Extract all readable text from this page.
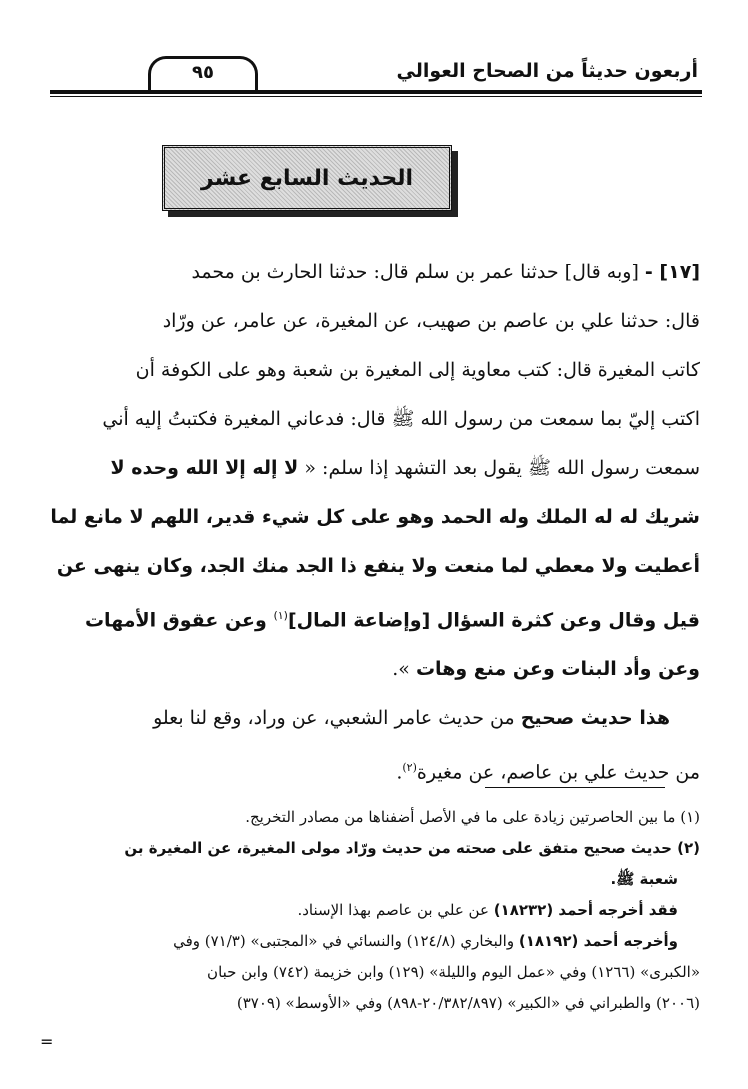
أربعون حديثاً من الصحاح العوالي
٩٥
الحديث السابع عشر
[١٧] - [وبه قال] حدثنا عمر بن سلم قال: حدثنا الحارث بن محمد
قال: حدثنا علي بن عاصم بن صهيب، عن المغيرة، عن عامر، عن ورّاد
كاتب المغيرة قال: كتب معاوية إلى المغيرة بن شعبة وهو على الكوفة أن
اكتب إليّ بما سمعت من رسول الله ﷺ قال: فدعاني المغيرة فكتبتُ إليه أني
سمعت رسول الله ﷺ يقول بعد التشهد إذا سلم: « لا إله إلا الله وحده لا
شريك له له الملك وله الحمد وهو على كل شيء قدير، اللهم لا مانع لما
أعطيت ولا معطي لما منعت ولا ينفع ذا الجد منك الجد، وكان ينهى عن
قيل وقال وعن كثرة السؤال [وإضاعة المال]$^{(١)}$ وعن عقوق الأمهات
وعن وأد البنات وعن منع وهات ».
هذا حديث صحيح من حديث عامر الشعبي، عن وراد، وقع لنا بعلو
من حديث علي بن عاصم، عن مغيرة$^{(٢)}$.
(١) ما بين الحاصرتين زيادة على ما في الأصل أضفناها من مصادر التخريج.
(٢) حديث صحيح متفق على صحته من حديث ورّاد مولى المغيرة، عن المغيرة بن
شعبة ﷺ.
فقد أخرجه أحمد (١٨٢٣٢) عن علي بن عاصم بهذا الإسناد.
وأخرجه أحمد (١٨١٩٢) والبخاري (١٢٤/٨) والنسائي في «المجتبى» (٧١/٣) وفي
«الكبرى» (١٢٦٦) وفي «عمل اليوم والليلة» (١٢٩) وابن خزيمة (٧٤٢) وابن حبان
(٢٠٠٦) والطبراني في «الكبير» (٢٠/٣٨٢/٨٩٧-٨٩٨) وفي «الأوسط» (٣٧٠٩)
=
